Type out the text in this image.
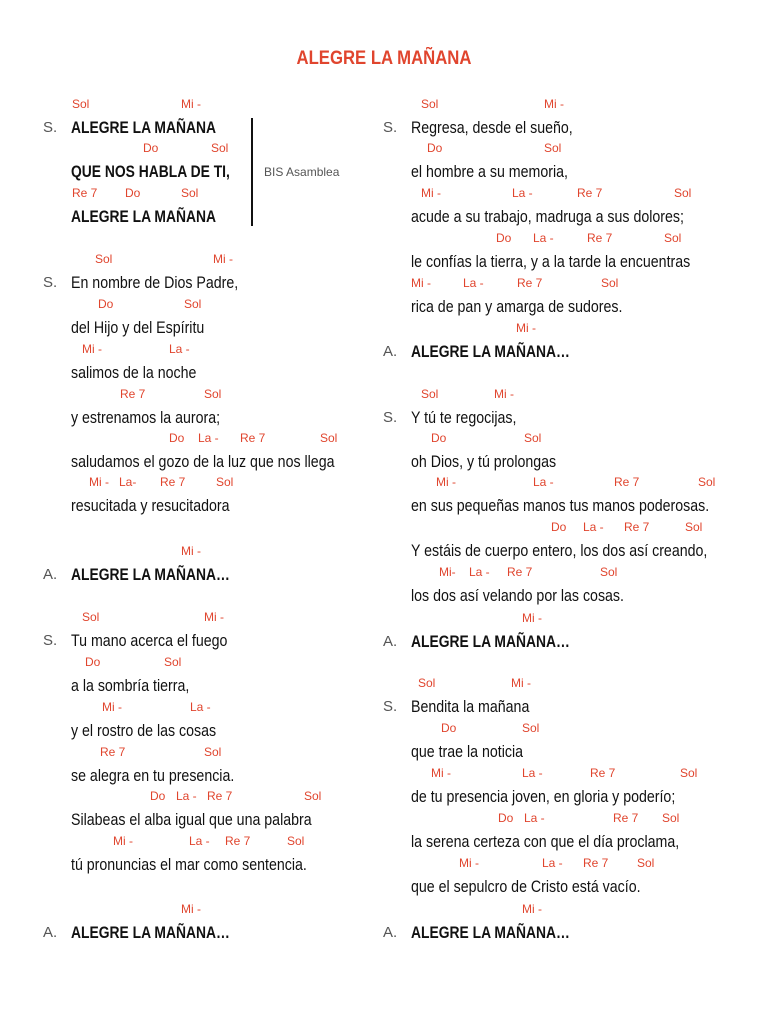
ALEGRE LA MAÑANA
BIS Asamblea
ALEGRE LA MAÑANA
S.
Sol	Mi -
QUE NOS HABLA DE TI,
Do	Sol
ALEGRE LA MAÑANA
Re 7 Do	Sol
En nombre de Dios Padre,
S.
Sol	Mi -
del Hijo y del Espíritu
Do	Sol
salimos de la noche
Mi -	La -
y estrenamos la aurora;
Re 7	Sol
saludamos el gozo de la luz que nos llega
Do La - Re 7	Sol
resucitada y resucitadora
Mi - La- Re 7	Sol
ALEGRE LA MAÑANA…
A.
Mi -
Tu mano acerca el fuego
S.
Sol	Mi -
a la sombría tierra,
Do	Sol
y el rostro de las cosas
Mi -	La -
se alegra en tu presencia.
Re 7	Sol
Silabeas el alba igual que una palabra
Do La - Re 7	Sol
tú pronuncias el mar como sentencia.
Mi -	La - Re 7	Sol
ALEGRE LA MAÑANA…
A.
Mi -
Regresa, desde el sueño,
S.
Sol	Mi -
el hombre a su memoria,
Do	Sol
acude a su trabajo, madruga a sus dolores;
Mi -	La -	Re 7	Sol
le confías la tierra, y a la tarde la encuentras
Do La -	Re 7	Sol
rica de pan y amarga de sudores.
Mi -	La -	Re 7	Sol
ALEGRE LA MAÑANA…
A.
Mi -
Y tú te regocijas,
S.
Sol	Mi -
oh Dios, y tú prolongas
Do	Sol
en sus pequeñas manos tus manos poderosas.
Mi -	La -	Re 7	Sol
Y estáis de cuerpo entero, los dos así creando,
Do La - Re 7	Sol
los dos así velando por las cosas.
Mi- La - Re 7	Sol
ALEGRE LA MAÑANA…
A.
Mi -
Bendita la mañana
S.
Sol	Mi -
que trae la noticia
Do	Sol
de tu presencia joven, en gloria y poderío;
Mi -	La -	Re 7	Sol
la serena certeza con que el día proclama,
Do La -	Re 7 Sol
que el sepulcro de Cristo está vacío.
Mi -	La - Re 7 Sol
ALEGRE LA MAÑANA…
A.
Mi -
